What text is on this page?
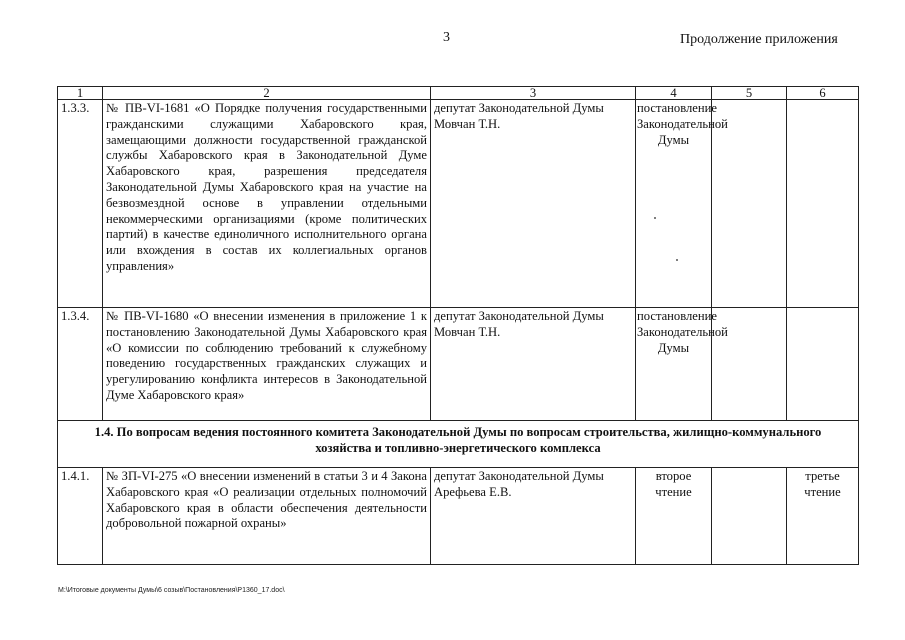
3	Продолжение приложения
1	2	3	4	5	6
1.3.3.	№ ПВ-VI-1681 «О Порядке получения государственными гражданскими служащими Хабаровского края, замещающими должности государственной гражданской службы Хабаровского края в Законодательной Думе Хабаровского края, разрешения председателя Законодательной Думы Хабаровского края на участие на безвозмездной основе в управлении отдельными некоммерческими организациями (кроме политических партий) в качестве единоличного исполнительного органа или вхождения в состав их коллегиальных органов управления»	депутат Законодательной Думы Мовчан Т.Н.	постановление Законодательной Думы		
1.3.4.	№ ПВ-VI-1680 «О внесении изменения в приложение 1 к постановлению Законодательной Думы Хабаровского края «О комиссии по соблюдению требований к служебному поведению государственных гражданских служащих и урегулированию конфликта интересов в Законодательной Думе Хабаровского края»	депутат Законодательной Думы Мовчан Т.Н.	постановление Законодательной Думы		
1.4. По вопросам ведения постоянного комитета Законодательной Думы по вопросам строительства, жилищно-коммунального хозяйства и топливно-энергетического комплекса					
1.4.1.	№ ЗП-VI-275 «О внесении изменений в статьи 3 и 4 Закона Хабаровского края «О реализации отдельных полномочий Хабаровского края в области обеспечения деятельности добровольной пожарной охраны»	депутат Законодательной Думы Арефьева Е.В.	второе чтение		третье чтение
M:\Итоговые документы Думы\6 созыв\Постановления\P1360_17.doc\
